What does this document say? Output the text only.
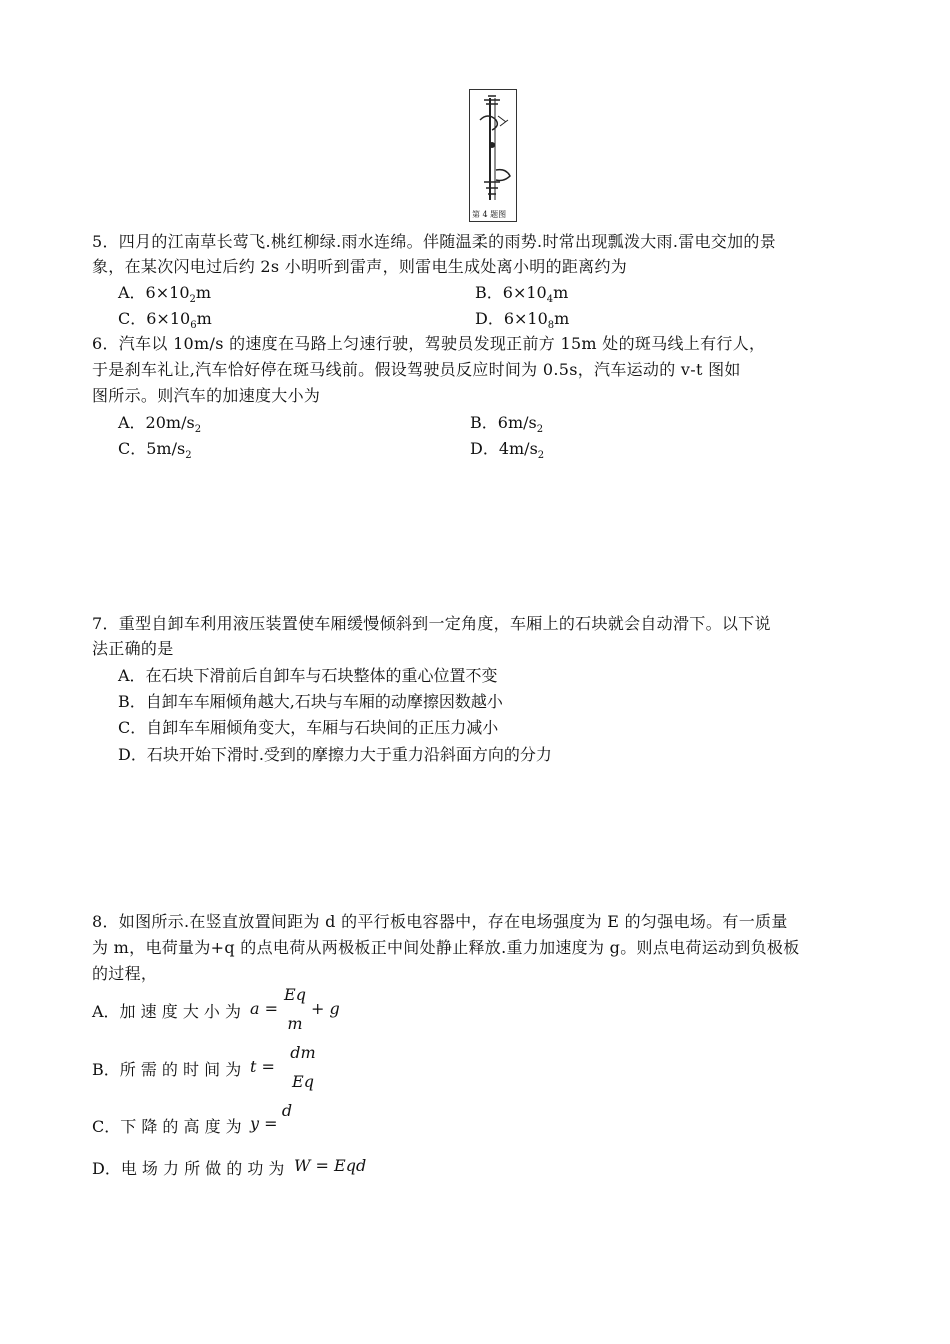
第 4 题图
5．四月的江南草长莺飞.桃红柳绿.雨水连绵。伴随温柔的雨势.时常出现瓢泼大雨.雷电交加的景
象，在某次闪电过后约 2s 小明听到雷声，则雷电生成处离小明的距离约为
A．$6\times 10_2m$	B．$6\times 10_4m$
C．$6\times 10_6m$	D．$6\times 10_8m$
6．汽车以 10m/s 的速度在马路上匀速行驶，驾驶员发现正前方 15m 处的斑马线上有行人，
于是刹车礼让,汽车恰好停在斑马线前。假设驾驶员反应时间为 0.5s，汽车运动的 v-t 图如
图所示。则汽车的加速度大小为
A．$20m/s_2$	B．$6m/s_2$
C．$5m/s_2$	D．$4m/s_2$
7．重型自卸车利用液压装置使车厢缓慢倾斜到一定角度，车厢上的石块就会自动滑下。以下说
法正确的是
A．在石块下滑前后自卸车与石块整体的重心位置不变
B．自卸车车厢倾角越大,石块与车厢的动摩擦因数越小
C．自卸车车厢倾角变大，车厢与石块间的正压力减小
D．石块开始下滑时.受到的摩擦力大于重力沿斜面方向的分力
8．如图所示.在竖直放置间距为 d 的平行板电容器中，存在电场强度为 E 的匀强电场。有一质量
为 m，电荷量为+q 的点电荷从两极板正中间处静止释放.重力加速度为 g。则点电荷运动到负极板
的过程，
A．加 速 度 大 小 为 a =
Eq
m
+ g
B．所 需 的 时 间 为 t =
dm
Eq
C．下 降 的 高 度 为 y =
d
D．电 场 力 所 做 的 功 为 W = Eqd
